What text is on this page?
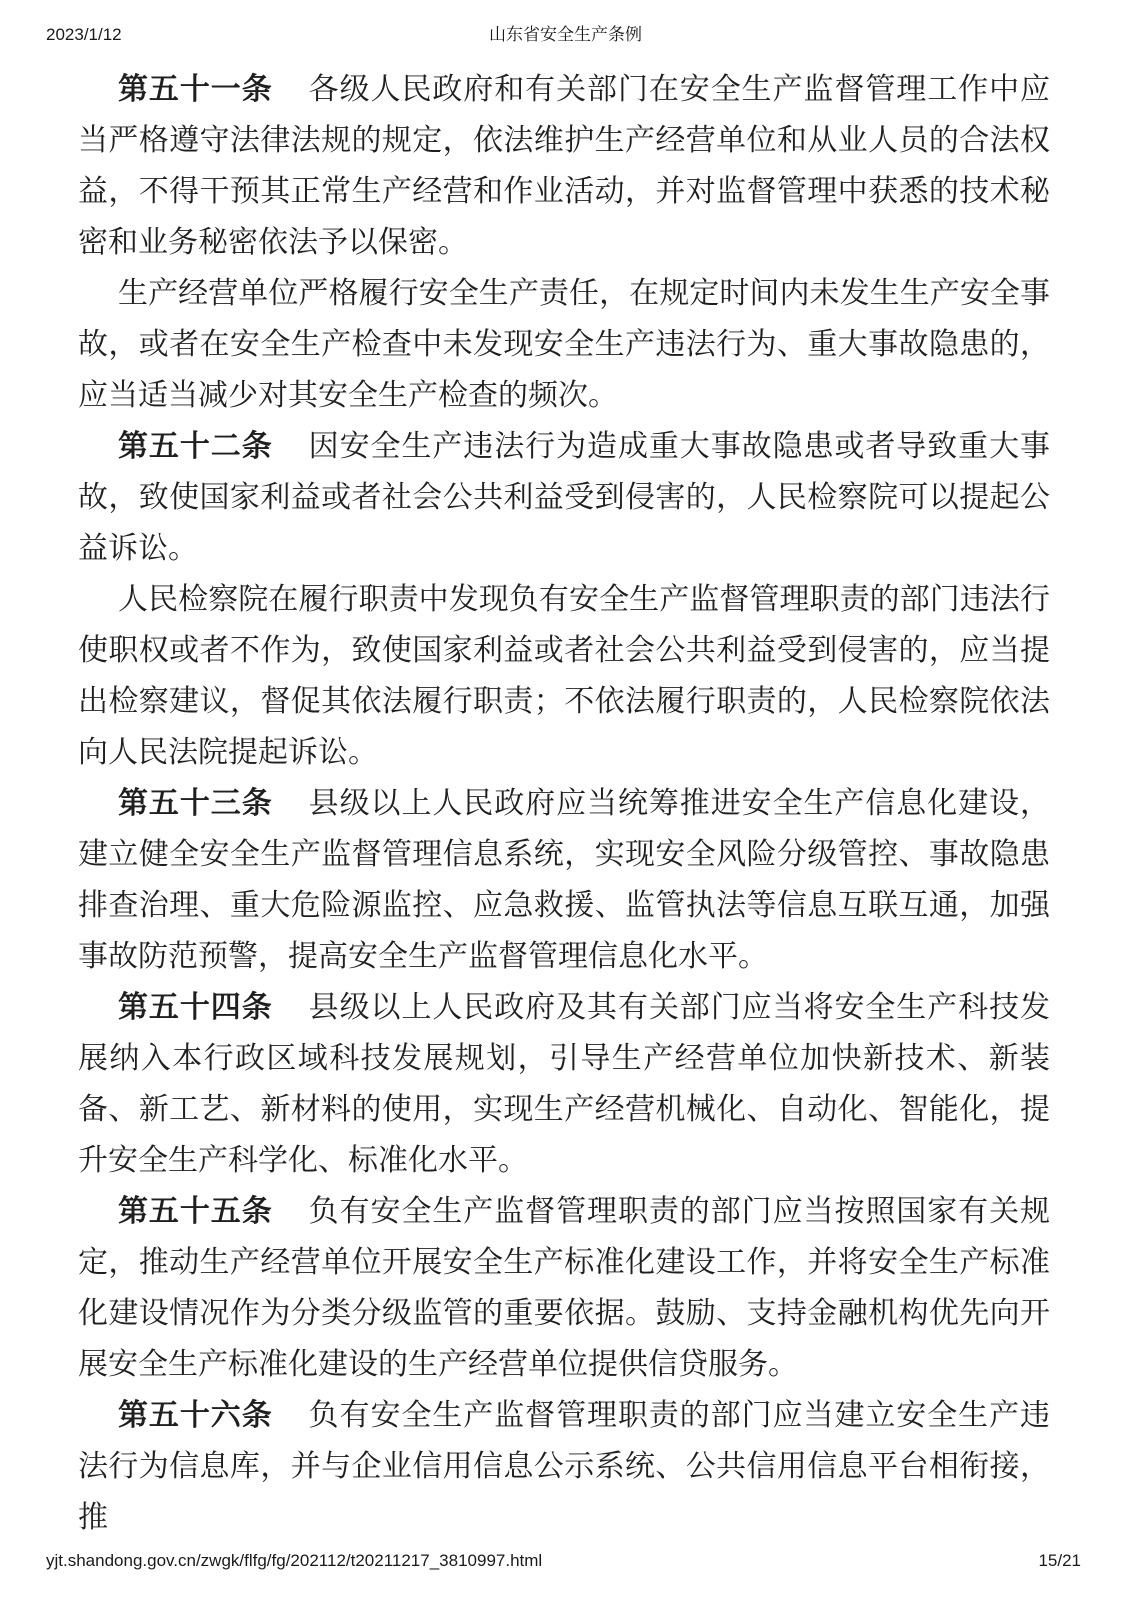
2023/1/12	山东省安全生产条例

第五十一条 各级人民政府和有关部门在安全生产监督管理工作中应当严格遵守法律法规的规定，依法维护生产经营单位和从业人员的合法权益，不得干预其正常生产经营和作业活动，并对监督管理中获悉的技术秘密和业务秘密依法予以保密。

生产经营单位严格履行安全生产责任，在规定时间内未发生生产安全事故，或者在安全生产检查中未发现安全生产违法行为、重大事故隐患的，应当适当减少对其安全生产检查的频次。

第五十二条 因安全生产违法行为造成重大事故隐患或者导致重大事故，致使国家利益或者社会公共利益受到侵害的，人民检察院可以提起公益诉讼。

人民检察院在履行职责中发现负有安全生产监督管理职责的部门违法行使职权或者不作为，致使国家利益或者社会公共利益受到侵害的，应当提出检察建议，督促其依法履行职责；不依法履行职责的，人民检察院依法向人民法院提起诉讼。

第五十三条 县级以上人民政府应当统筹推进安全生产信息化建设，建立健全安全生产监督管理信息系统，实现安全风险分级管控、事故隐患排查治理、重大危险源监控、应急救援、监管执法等信息互联互通，加强事故防范预警，提高安全生产监督管理信息化水平。

第五十四条 县级以上人民政府及其有关部门应当将安全生产科技发展纳入本行政区域科技发展规划，引导生产经营单位加快新技术、新装备、新工艺、新材料的使用，实现生产经营机械化、自动化、智能化，提升安全生产科学化、标准化水平。

第五十五条 负有安全生产监督管理职责的部门应当按照国家有关规定，推动生产经营单位开展安全生产标准化建设工作，并将安全生产标准化建设情况作为分类分级监管的重要依据。鼓励、支持金融机构优先向开展安全生产标准化建设的生产经营单位提供信贷服务。

第五十六条 负有安全生产监督管理职责的部门应当建立安全生产违法行为信息库，并与企业信用信息公示系统、公共信用信息平台相衔接，推

yjt.shandong.gov.cn/zwgk/flfg/fg/202112/t20211217_3810997.html	15/21
